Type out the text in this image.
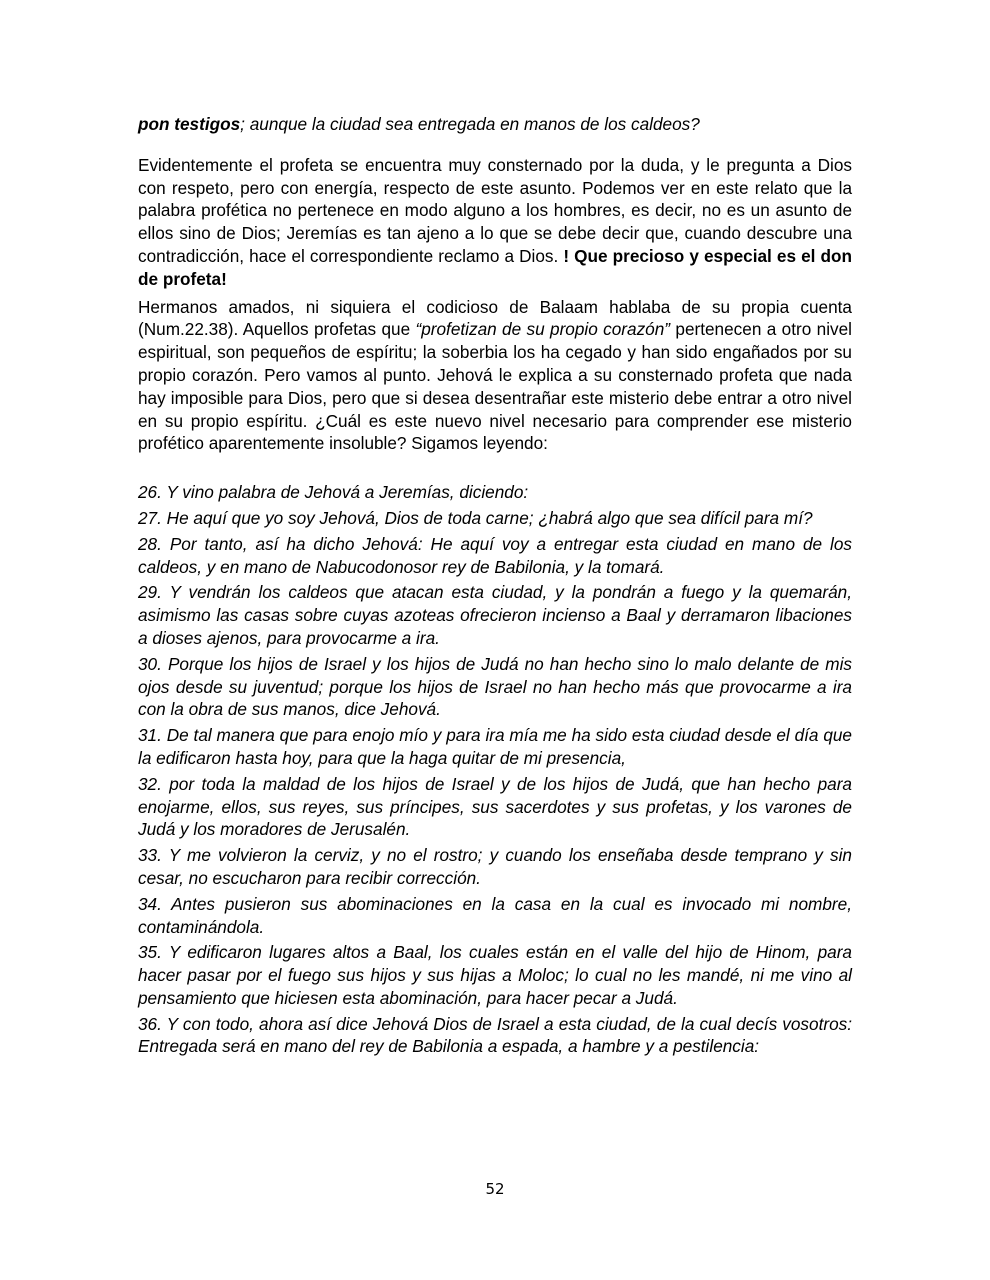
pon testigos; aunque la ciudad sea entregada en manos de los caldeos?

Evidentemente el profeta se encuentra muy consternado por la duda, y le pregunta a Dios con respeto, pero con energía, respecto de este asunto. Podemos ver en este relato que la palabra profética no pertenece en modo alguno a los hombres, es decir, no es un asunto de ellos sino de Dios; Jeremías es tan ajeno a lo que se debe decir que, cuando descubre una contradicción, hace el correspondiente reclamo a Dios. ! Que precioso y especial es el don de profeta!

Hermanos amados, ni siquiera el codicioso de Balaam hablaba de su propia cuenta (Num.22.38). Aquellos profetas que “profetizan de su propio corazón” pertenecen a otro nivel espiritual, son pequeños de espíritu; la soberbia los ha cegado y han sido engañados por su propio corazón. Pero vamos al punto. Jehová le explica a su consternado profeta que nada hay imposible para Dios, pero que si desea desentrañar este misterio debe entrar a otro nivel en su propio espíritu. ¿Cuál es este nuevo nivel necesario para comprender ese misterio profético aparentemente insoluble? Sigamos leyendo:

26. Y vino palabra de Jehová a Jeremías, diciendo:

27. He aquí que yo soy Jehová, Dios de toda carne; ¿habrá algo que sea difícil para mí?

28. Por tanto, así ha dicho Jehová: He aquí voy a entregar esta ciudad en mano de los caldeos, y en mano de Nabucodonosor rey de Babilonia, y la tomará.

29. Y vendrán los caldeos que atacan esta ciudad, y la pondrán a fuego y la quemarán, asimismo las casas sobre cuyas azoteas ofrecieron incienso a Baal y derramaron libaciones a dioses ajenos, para provocarme a ira.

30. Porque los hijos de Israel y los hijos de Judá no han hecho sino lo malo delante de mis ojos desde su juventud; porque los hijos de Israel no han hecho más que provocarme a ira con la obra de sus manos, dice Jehová.

31. De tal manera que para enojo mío y para ira mía me ha sido esta ciudad desde el día que la edificaron hasta hoy, para que la haga quitar de mi presencia,

32. por toda la maldad de los hijos de Israel y de los hijos de Judá, que han hecho para enojarme, ellos, sus reyes, sus príncipes, sus sacerdotes y sus profetas, y los varones de Judá y los moradores de Jerusalén.

33. Y me volvieron la cerviz, y no el rostro; y cuando los enseñaba desde temprano y sin cesar, no escucharon para recibir corrección.

34. Antes pusieron sus abominaciones en la casa en la cual es invocado mi nombre, contaminándola.

35. Y edificaron lugares altos a Baal, los cuales están en el valle del hijo de Hinom, para hacer pasar por el fuego sus hijos y sus hijas a Moloc; lo cual no les mandé, ni me vino al pensamiento que hiciesen esta abominación, para hacer pecar a Judá.

36. Y con todo, ahora así dice Jehová Dios de Israel a esta ciudad, de la cual decís vosotros: Entregada será en mano del rey de Babilonia a espada, a hambre y a pestilencia:

52
